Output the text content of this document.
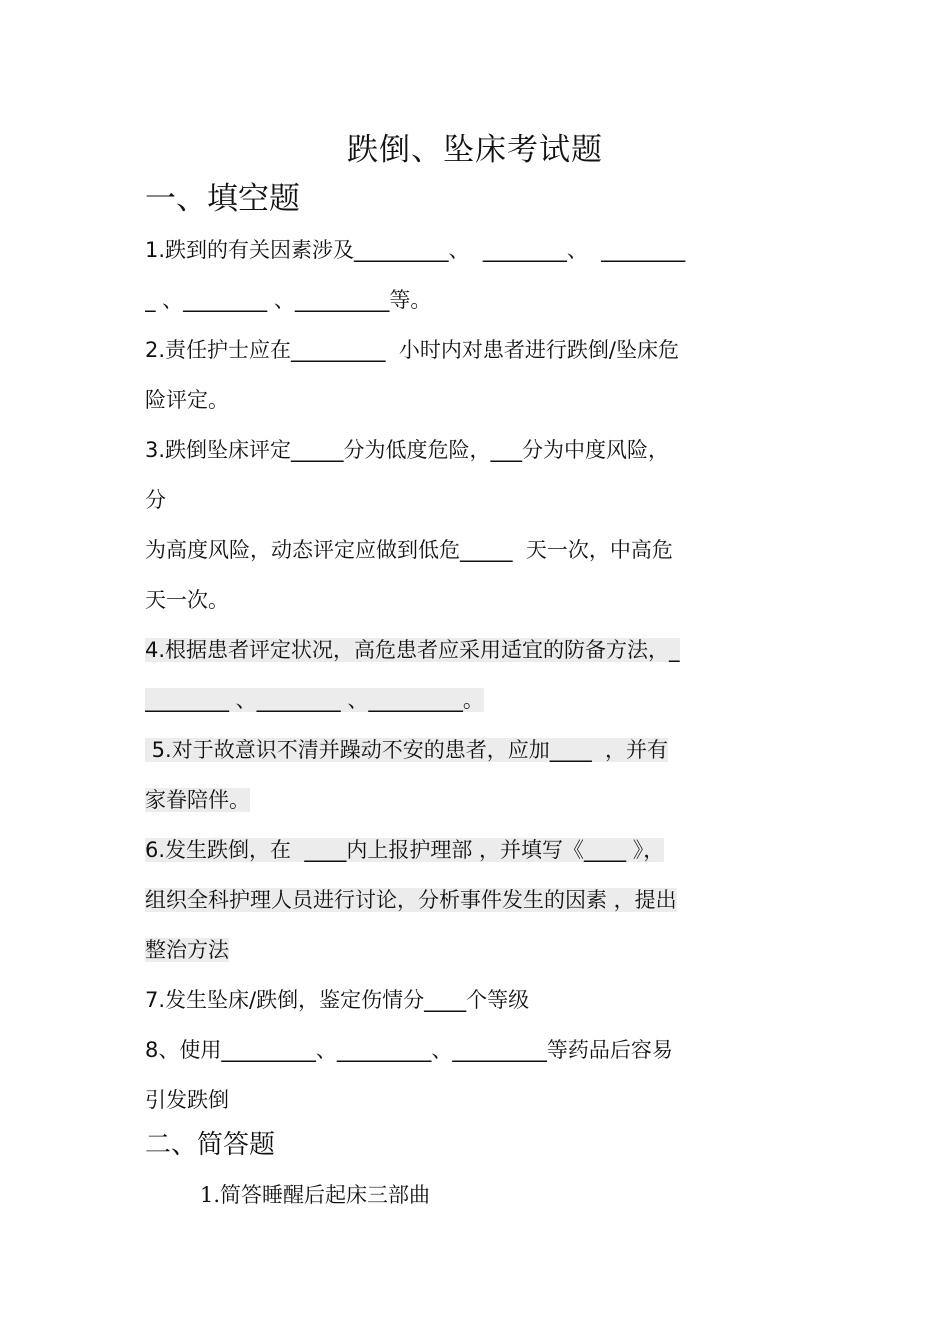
跌倒、坠床考试题
一、填空题
1.跌到的有关因素涉及_________、  ________、  ________
_ 、________ 、_________等。
2.责任护士应在_________  小时内对患者进行跌倒/坠床危
险评定。
3.跌倒坠床评定_____分为低度危险，___分为中度风险，
分
为高度风险，动态评定应做到低危_____  天一次，中高危
天一次。
4.根据患者评定状况，高危患者应采用适宜的防备方法，_
________ 、________ 、_________。
5.对于故意识不清并躁动不安的患者，应加____  ，并有
家眷陪伴。
6.发生跌倒，在  ____内上报护理部 ，并填写《____ 》，
组织全科护理人员进行讨论，分析事件发生的因素 ，提出
整治方法
7.发生坠床/跌倒，鉴定伤情分____个等级
8、使用_________、_________、_________等药品后容易
引发跌倒
二、简答题
1.简答睡醒后起床三部曲
